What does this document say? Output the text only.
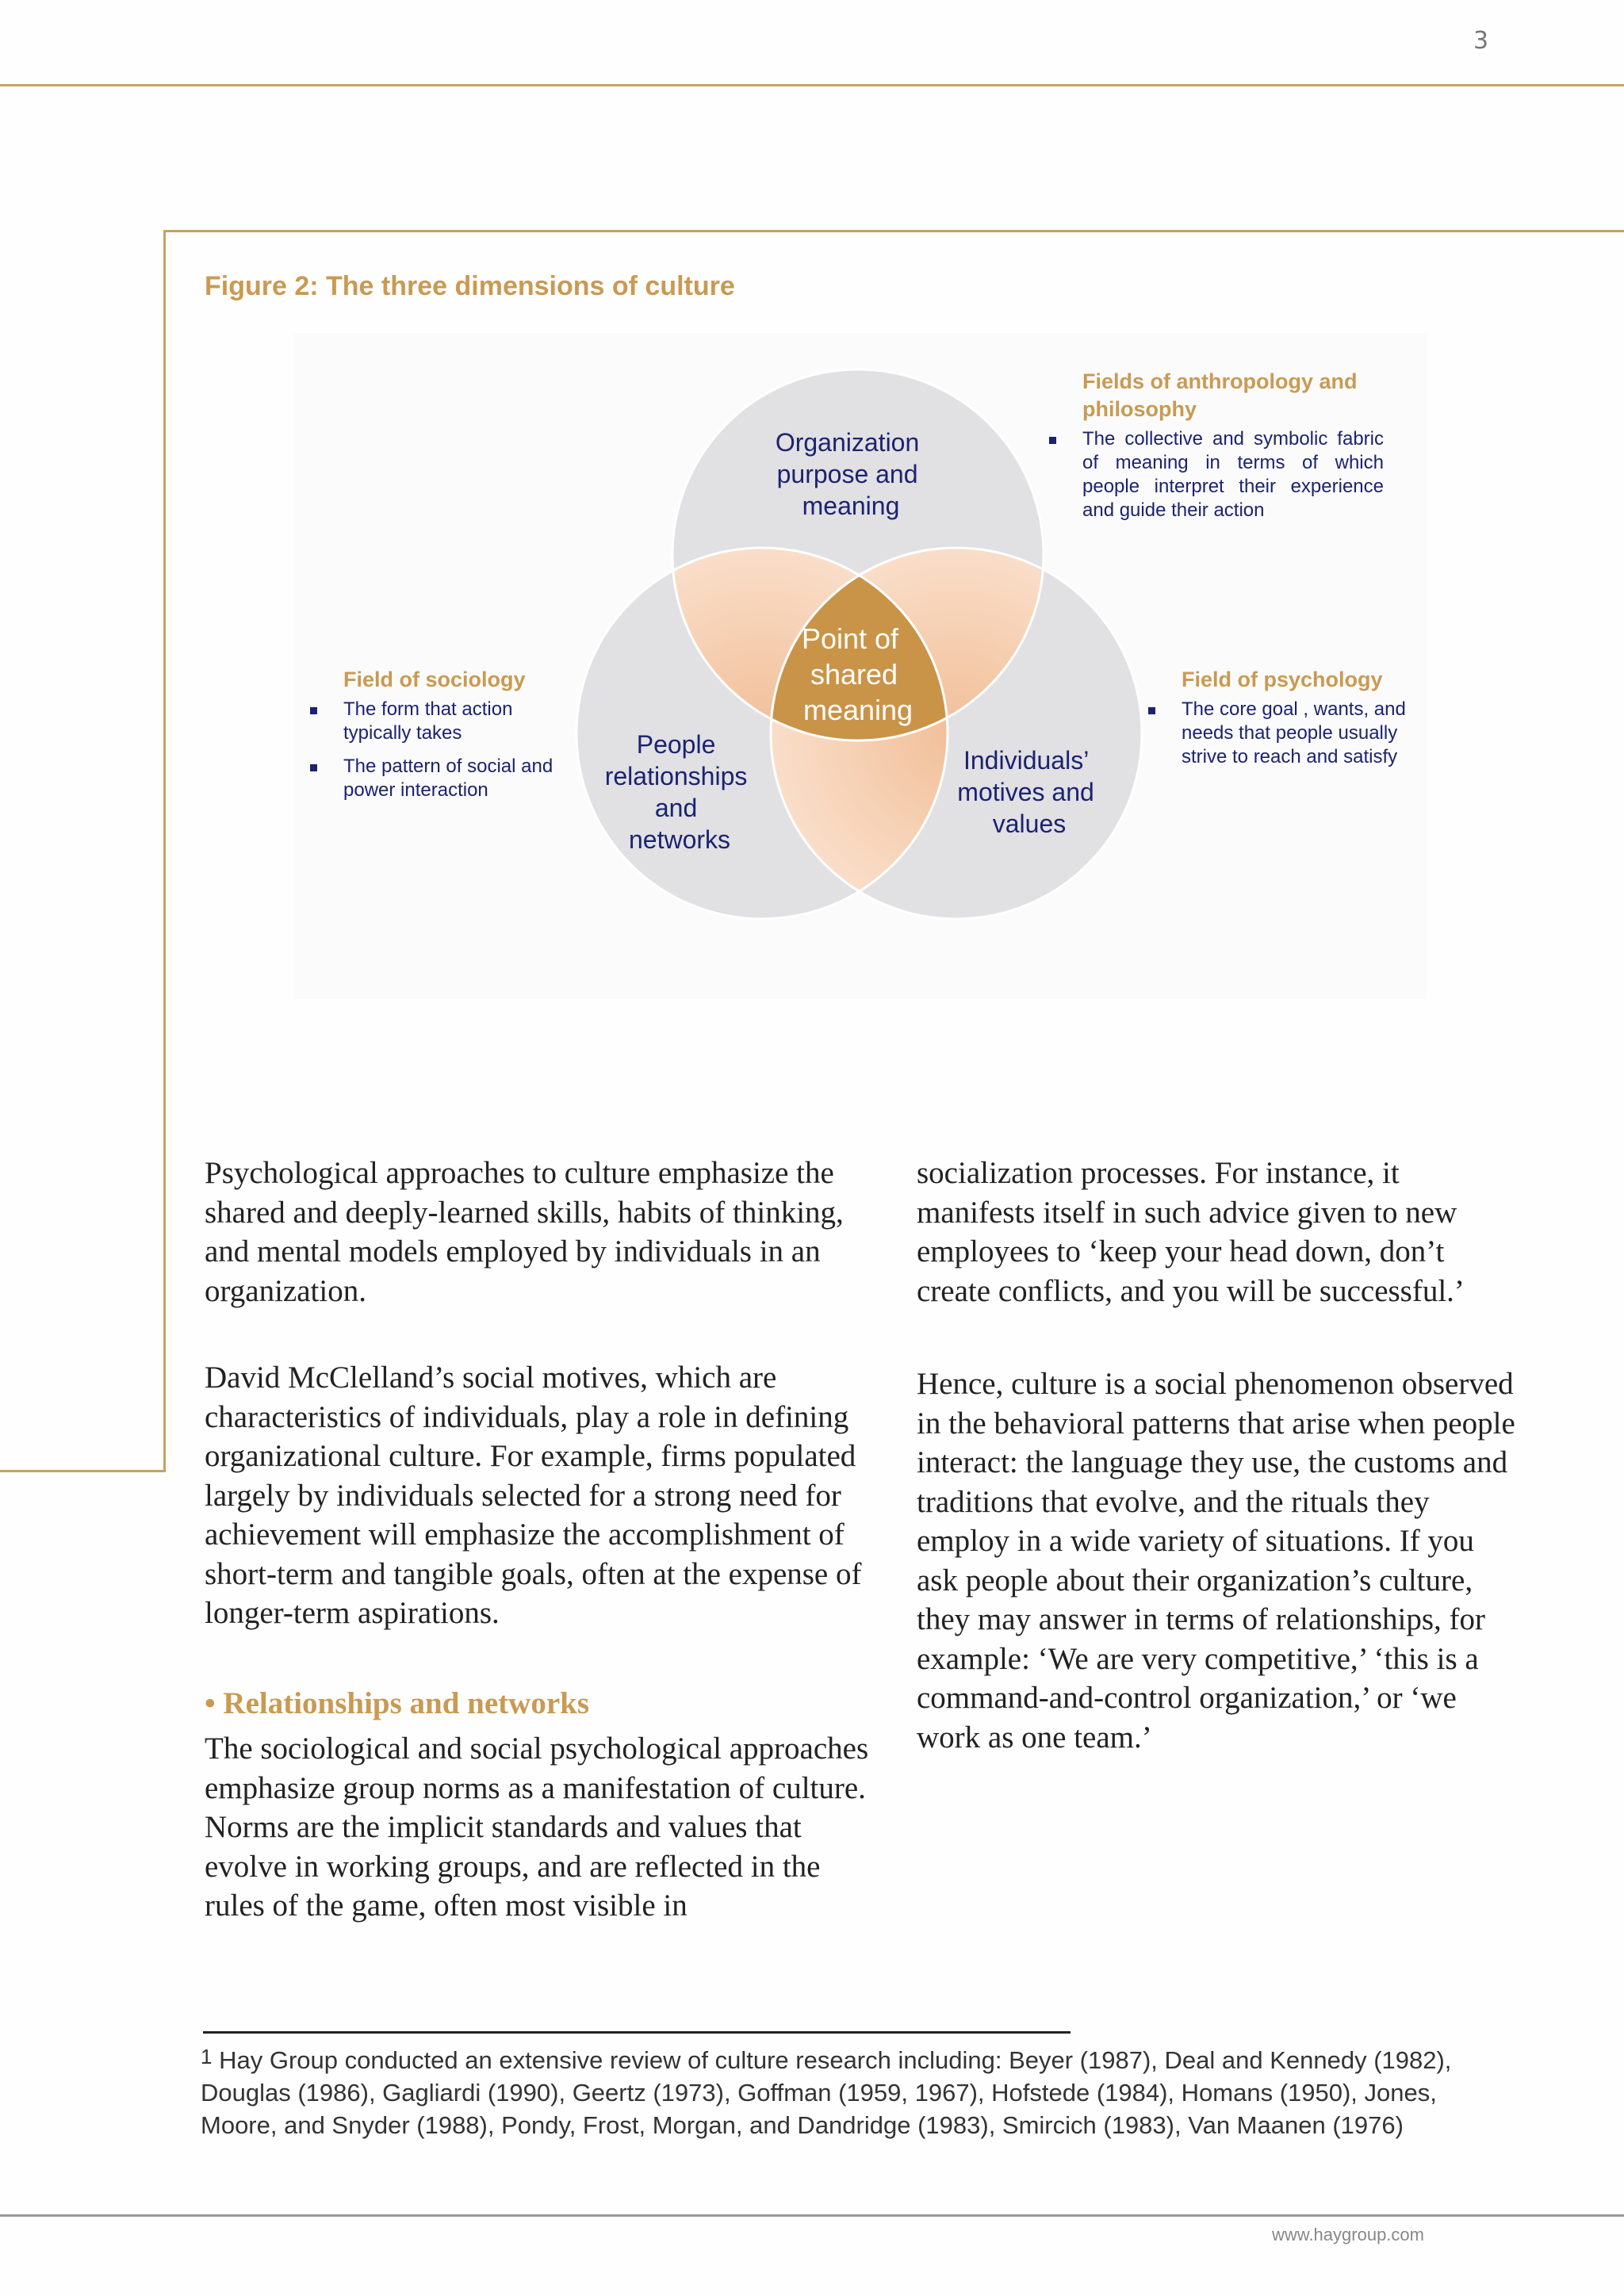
3
Figure 2: The three dimensions of culture
Organization purpose and meaning
People relationships and networks
Individuals’ motives and values
Point of shared meaning
Fields of anthropology and philosophy
The collective and symbolic fabric of meaning in terms of which people interpret their experience and guide their action
Field of sociology
The form that action typically takes
The pattern of social and power interaction
Field of psychology
The core goal , wants, and needs that people usually strive to reach and satisfy

Psychological approaches to culture emphasize the shared and deeply-learned skills, habits of thinking, and mental models employed by individuals in an organization.

David McClelland’s social motives, which are characteristics of individuals, play a role in defining organizational culture. For example, firms populated largely by individuals selected for a strong need for achievement will emphasize the accomplishment of short-term and tangible goals, often at the expense of longer-term aspirations.

• Relationships and networks

The sociological and social psychological approaches emphasize group norms as a manifestation of culture. Norms are the implicit standards and values that evolve in working groups, and are reflected in the rules of the game, often most visible in

socialization processes. For instance, it manifests itself in such advice given to new employees to ‘keep your head down, don’t create conflicts, and you will be successful.’

Hence, culture is a social phenomenon observed in the behavioral patterns that arise when people interact: the language they use, the customs and traditions that evolve, and the rituals they employ in a wide variety of situations. If you ask people about their organization’s culture, they may answer in terms of relationships, for example: ‘We are very competitive,’ ‘this is a command-and-control organization,’ or ‘we work as one team.’

$^1$ Hay Group conducted an extensive review of culture research including: Beyer (1987), Deal and Kennedy (1982), Douglas (1986), Gagliardi (1990), Geertz (1973), Goffman (1959, 1967), Hofstede (1984), Homans (1950), Jones, Moore, and Snyder (1988), Pondy, Frost, Morgan, and Dandridge (1983), Smircich (1983), Van Maanen (1976)
www.haygroup.com
